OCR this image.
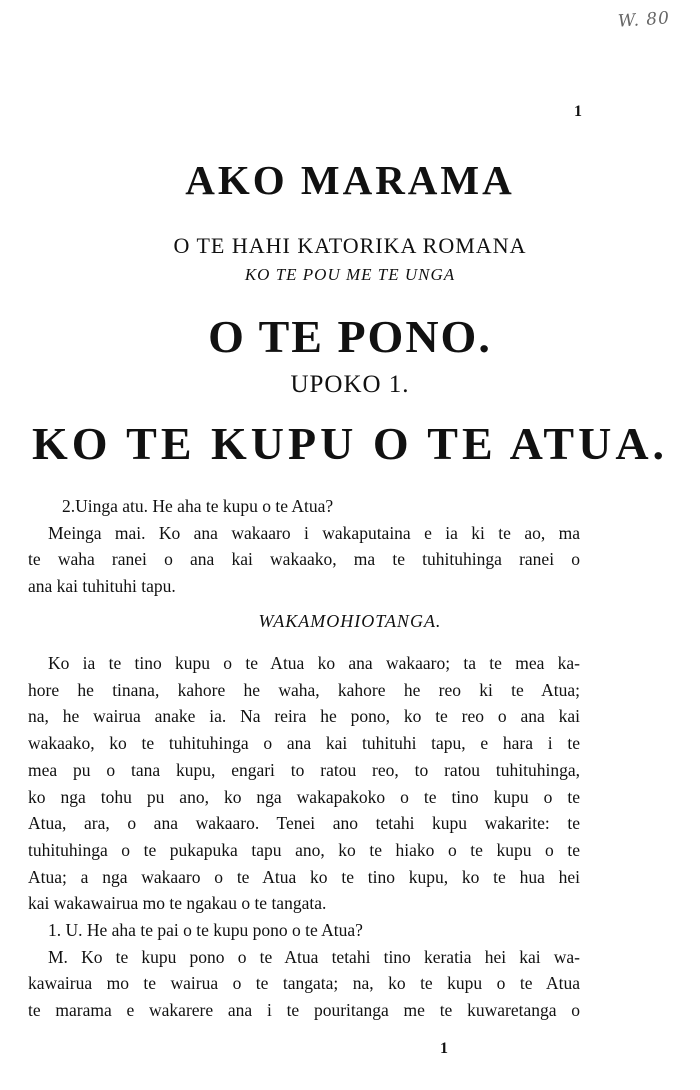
W. 80
1
AKO MARAMA
O TE HAHI KATORIKA ROMANA
KO TE POU ME TE UNGA
O TE PONO.
UPOKO 1.
KO TE KUPU O TE ATUA.
2.Uinga atu. He aha te kupu o te Atua?
Meinga mai. Ko ana wakaaro i wakaputaina e ia ki te ao, ma
te waha ranei o ana kai wakaako, ma te tuhituhinga ranei o
ana kai tuhituhi tapu.
WAKAMOHIOTANGA.
Ko ia te tino kupu o te Atua ko ana wakaaro; ta te mea ka-
hore he tinana, kahore he waha, kahore he reo ki te Atua;
na, he wairua anake ia. Na reira he pono, ko te reo o ana kai
wakaako, ko te tuhituhinga o ana kai tuhituhi tapu, e hara i te
mea pu o tana kupu, engari to ratou reo, to ratou tuhituhinga,
ko nga tohu pu ano, ko nga wakapakoko o te tino kupu o te
Atua, ara, o ana wakaaro. Tenei ano tetahi kupu wakarite: te
tuhituhinga o te pukapuka tapu ano, ko te hiako o te kupu o te
Atua; a nga wakaaro o te Atua ko te tino kupu, ko te hua hei
kai wakawairua mo te ngakau o te tangata.
1. U. He aha te pai o te kupu pono o te Atua?
M. Ko te kupu pono o te Atua tetahi tino keratia hei kai wa-
kawairua mo te wairua o te tangata; na, ko te kupu o te Atua
te marama e wakarere ana i te pouritanga me te kuwaretanga o
1
